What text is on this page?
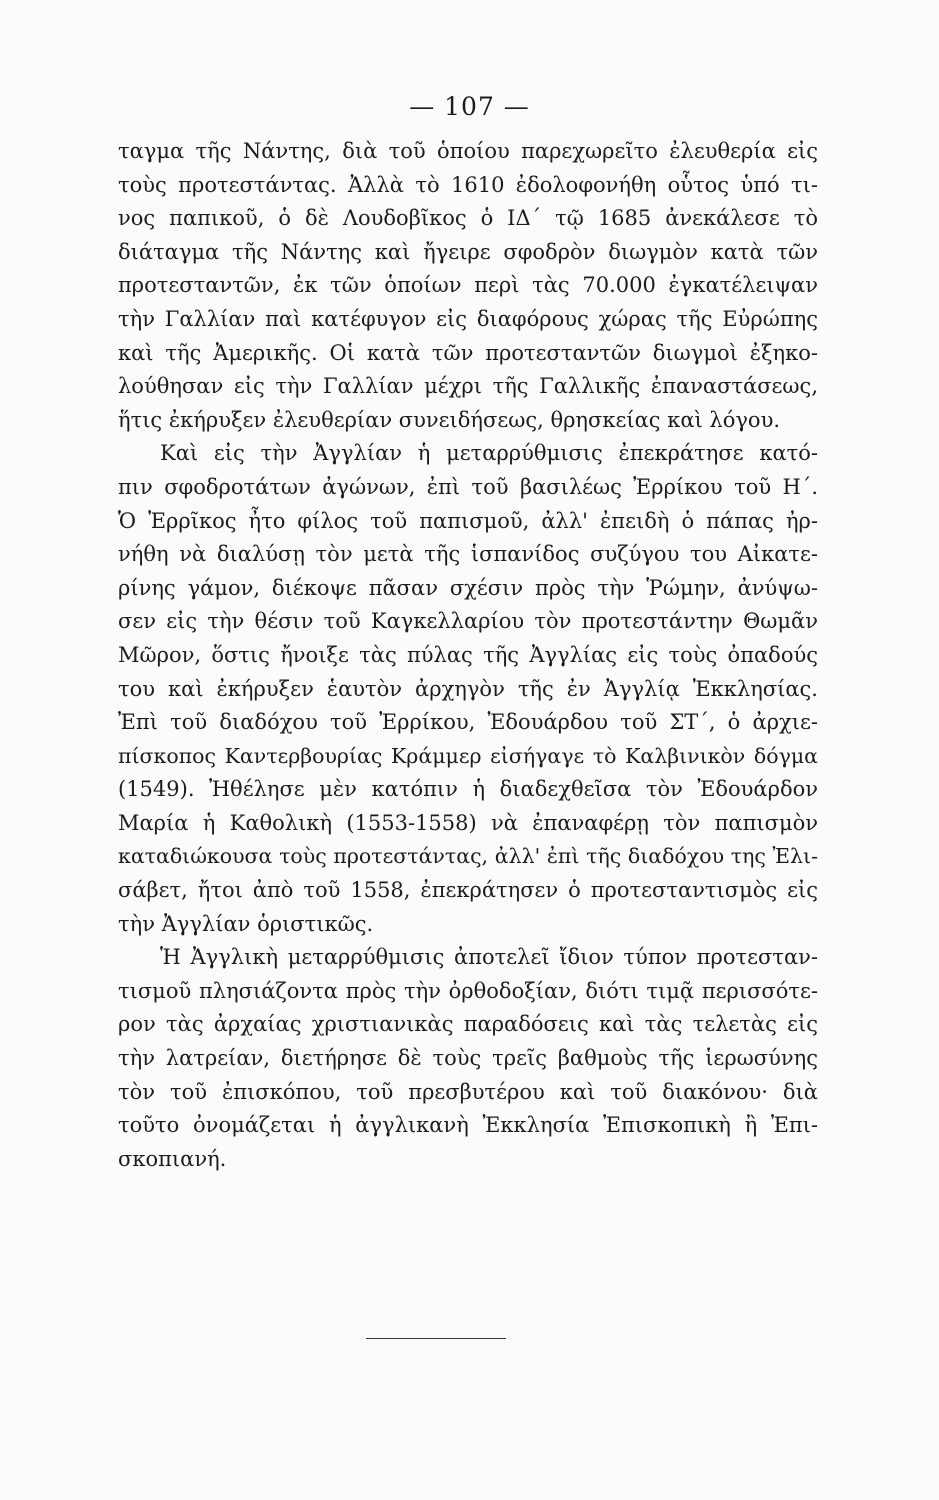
— 107 —
ταγμα τῆς Νάντης, διὰ τοῦ ὁποίου παρεχωρεῖτο ἐλευθερία εἰς
τοὺς προτεστάντας. Ἀλλὰ τὸ 1610 ἐδολοφονήθη οὗτος ὑπό τι-
νος παπικοῦ, ὁ δὲ Λουδοβῖκος ὁ ΙΔ΄ τῷ 1685 ἀνεκάλεσε τὸ
διάταγμα τῆς Νάντης καὶ ἤγειρε σφοδρὸν διωγμὸν κατὰ τῶν
προτεσταντῶν, ἐκ τῶν ὁποίων περὶ τὰς 70.000 ἐγκατέλειψαν
τὴν Γαλλίαν παὶ κατέφυγον εἰς διαφόρους χώρας τῆς Εὐρώπης
καὶ τῆς Ἀμερικῆς. Οἱ κατὰ τῶν προτεσταντῶν διωγμοὶ ἐξηκο-
λούθησαν εἰς τὴν Γαλλίαν μέχρι τῆς Γαλλικῆς ἐπαναστάσεως,
ἥτις ἐκήρυξεν ἐλευθερίαν συνειδήσεως, θρησκείας καὶ λόγου.
Καὶ εἰς τὴν Ἀγγλίαν ἡ μεταρρύθμισις ἐπεκράτησε κατό-
πιν σφοδροτάτων ἀγώνων, ἐπὶ τοῦ βασιλέως Ἐρρίκου τοῦ Η΄.
Ὁ Ἐρρῖκος ἦτο φίλος τοῦ παπισμοῦ, ἀλλ' ἐπειδὴ ὁ πάπας ἠρ-
νήθη νὰ διαλύσῃ τὸν μετὰ τῆς ἱσπανίδος συζύγου του Αἰκατε-
ρίνης γάμον, διέκοψε πᾶσαν σχέσιν πρὸς τὴν Ῥώμην, ἀνύψω-
σεν εἰς τὴν θέσιν τοῦ Καγκελλαρίου τὸν προτεστάντην Θωμᾶν
Μῶρον, ὅστις ἤνοιξε τὰς πύλας τῆς Ἀγγλίας εἰς τοὺς ὀπαδούς
του καὶ ἐκήρυξεν ἑαυτὸν ἀρχηγὸν τῆς ἐν Ἀγγλίᾳ Ἐκκλησίας.
Ἐπὶ τοῦ διαδόχου τοῦ Ἐρρίκου, Ἐδουάρδου τοῦ ΣΤ΄, ὁ ἀρχιε-
πίσκοπος Καντερβουρίας Κράμμερ εἰσήγαγε τὸ Καλβινικὸν δόγμα
(1549). Ἠθέλησε μὲν κατόπιν ἡ διαδεχθεῖσα τὸν Ἐδουάρδον
Μαρία ἡ Καθολικὴ (1553-1558) νὰ ἐπαναφέρῃ τὸν παπισμὸν
καταδιώκουσα τοὺς προτεστάντας, ἀλλ' ἐπὶ τῆς διαδόχου της Ἐλι-
σάβετ, ἤτοι ἀπὸ τοῦ 1558, ἐπεκράτησεν ὁ προτεσταντισμὸς εἰς
τὴν Ἀγγλίαν ὁριστικῶς.
Ἡ Ἀγγλικὴ μεταρρύθμισις ἀποτελεῖ ἴδιον τύπον προτεσταν-
τισμοῦ πλησιάζοντα πρὸς τὴν ὀρθοδοξίαν, διότι τιμᾷ περισσότε-
ρον τὰς ἀρχαίας χριστιανικὰς παραδόσεις καὶ τὰς τελετὰς εἰς
τὴν λατρείαν, διετήρησε δὲ τοὺς τρεῖς βαθμοὺς τῆς ἱερωσύνης
τὸν τοῦ ἐπισκόπου, τοῦ πρεσβυτέρου καὶ τοῦ διακόνου· διὰ
τοῦτο ὀνομάζεται ἡ ἀγγλικανὴ Ἐκκλησία Ἐπισκοπικὴ ἢ Ἐπι-
σκοπιανή.
